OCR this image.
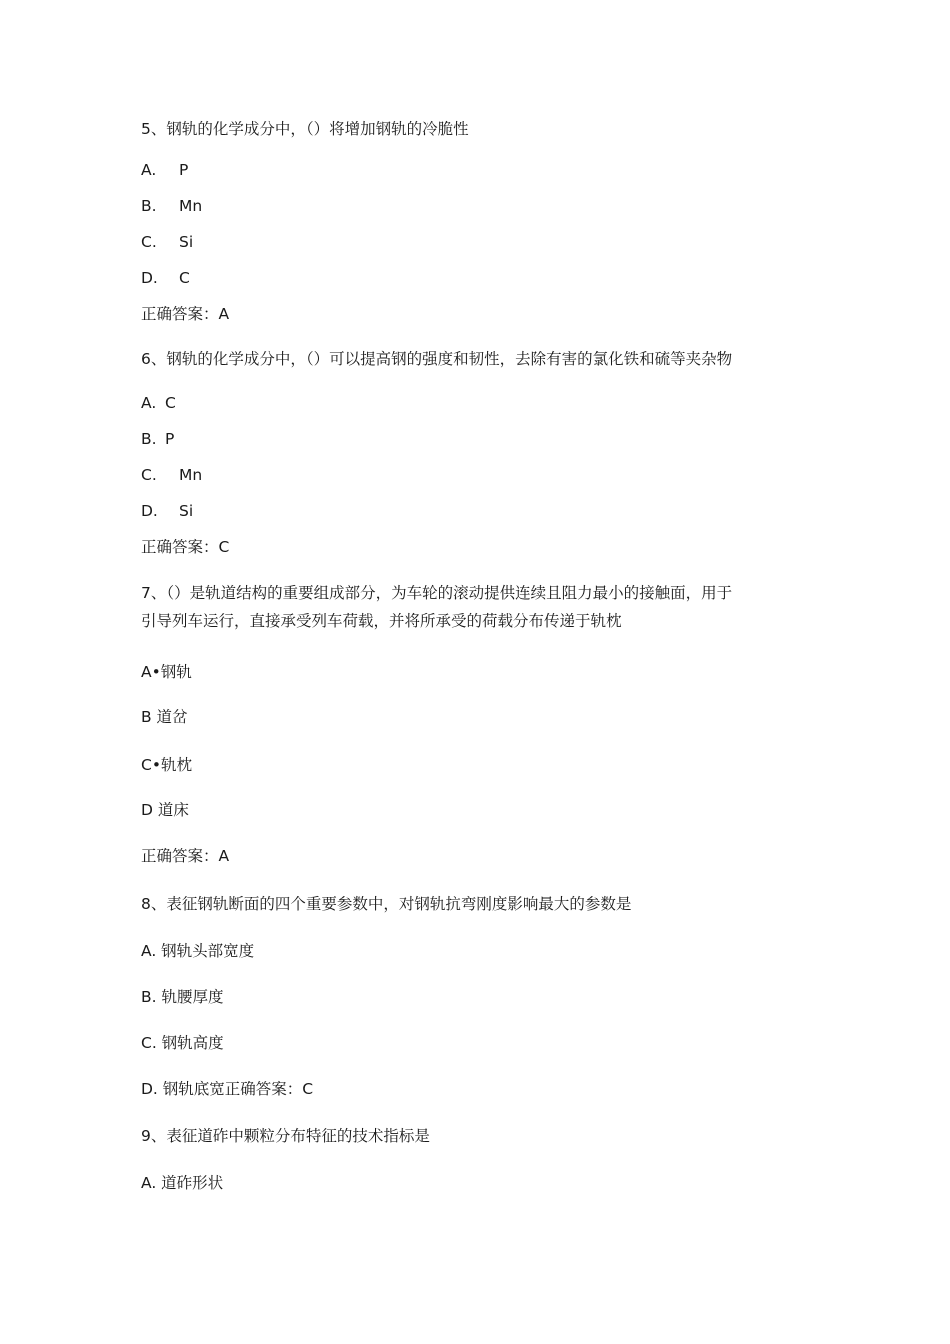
5、钢轨的化学成分中，（）将增加钢轨的冷脆性
A. P
B. Mn
C. Si
D. C
正确答案：A
6、钢轨的化学成分中，（）可以提高钢的强度和韧性，去除有害的氯化铁和硫等夹杂物
A. C
B. P
C. Mn
D. Si
正确答案：C
7、（）是轨道结构的重要组成部分，为车轮的滚动提供连续且阻力最小的接触面，用于
引导列车运行，直接承受列车荷载，并将所承受的荷载分布传递于轨枕
A•钢轨
B 道岔
C•轨枕
D 道床
正确答案：A
8、表征钢轨断面的四个重要参数中，对钢轨抗弯刚度影响最大的参数是
A. 钢轨头部宽度
B. 轨腰厚度
C. 钢轨高度
D. 钢轨底宽正确答案：C
9、表征道砟中颗粒分布特征的技术指标是
A. 道砟形状
